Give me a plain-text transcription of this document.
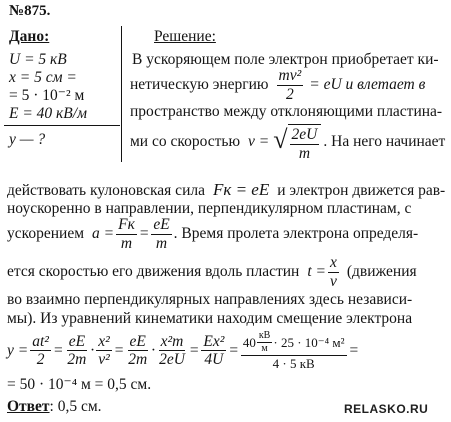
№875.
Дано:
U = 5 кВ
x = 5 см =
= 5 · 10⁻² м
E = 40 кВ/м
y — ?
Решение:
В ускоряющем поле электрон приобретает ки-
нетическую энергию $\frac{\text{mv²}}{2}$ = eU и влетает в
пространство между отклоняющими пластина-
ми со скоростью v = √ $\frac{2eU}{m}$ . На него начинает
действовать кулоновская сила Fк = eE и электрон движется рав-
ноускоренно в направлении, перпендикулярном пластинам, с
ускорением $a = \frac{Fк}{m} = \frac{eE}{m}$ . Время пролета электрона определя-
ется скоростью его движения вдоль пластин $t = \frac{x}{v}$ (движения
во взаимно перпендикулярных направлениях здесь независи-
мы). Из уравнений кинематики находим смещение электрона
$y = \frac{\text{at²}}{2} = \frac{eE}{2m} \cdot \frac{\text{x²}}{\text{v²}} = \frac{eE}{2m} \cdot \frac{\text{x²m}}{2eU} = \frac{\text{Ex²}}{4U} = \frac{40 \frac{кВ}{м} \cdot 25 \cdot 10^{-4} м^2}{4 \cdot 5 кВ}$ =
= 50 · 10⁻⁴ м = 0,5 см.
Ответ: 0,5 см.	RELASKO.RU
